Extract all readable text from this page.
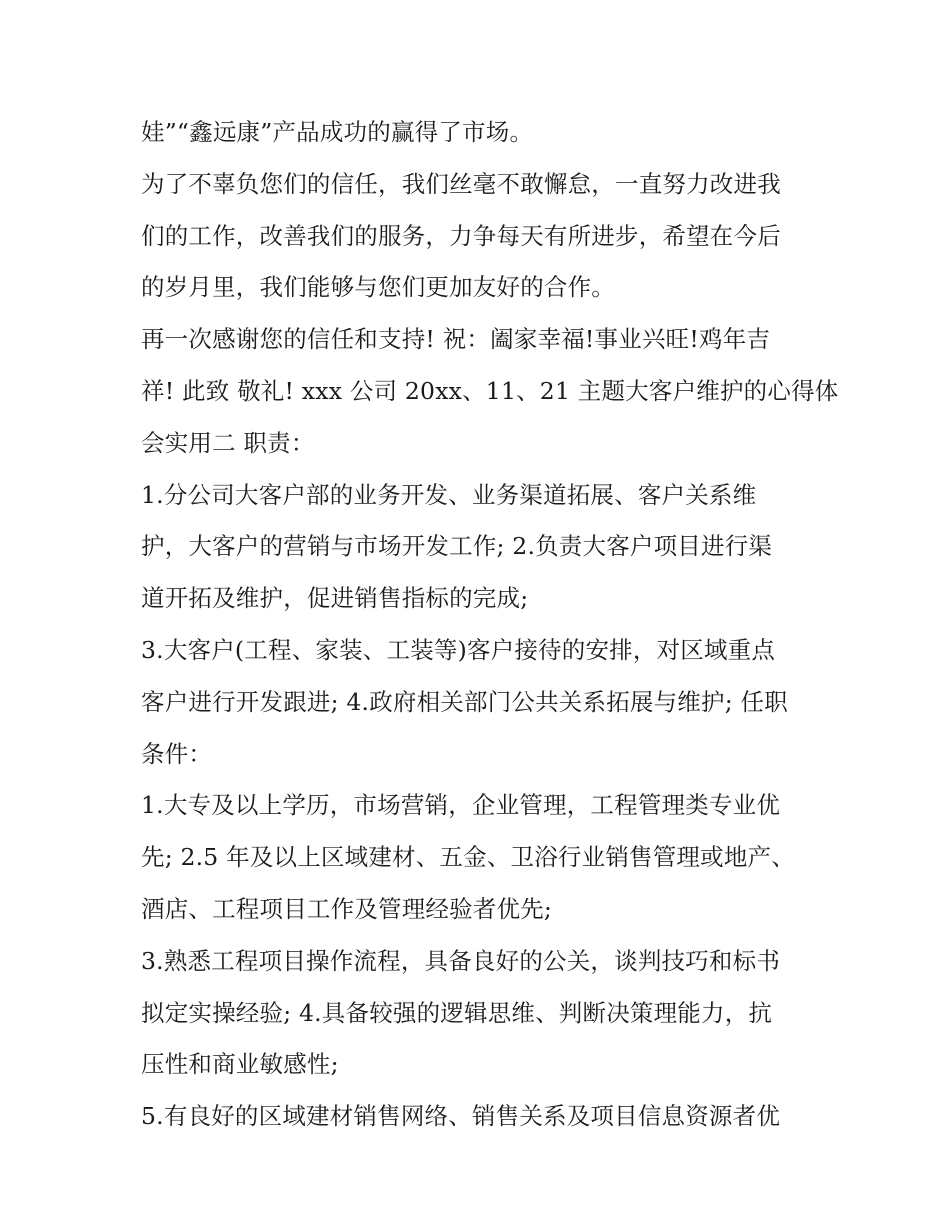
娃”“鑫远康”产品成功的赢得了市场。
为了不辜负您们的信任，我们丝毫不敢懈怠，一直努力改进我
们的工作，改善我们的服务，力争每天有所进步，希望在今后
的岁月里，我们能够与您们更加友好的合作。
再一次感谢您的信任和支持! 祝：阖家幸福!事业兴旺!鸡年吉
祥! 此致 敬礼! xxx 公司 20xx、11、21 主题大客户维护的心得体
会实用二 职责：
1.分公司大客户部的业务开发、业务渠道拓展、客户关系维
护，大客户的营销与市场开发工作; 2.负责大客户项目进行渠
道开拓及维护，促进销售指标的完成;
3.大客户(工程、家装、工装等)客户接待的安排，对区域重点
客户进行开发跟进; 4.政府相关部门公共关系拓展与维护; 任职
条件：
1.大专及以上学历，市场营销，企业管理，工程管理类专业优
先; 2.5 年及以上区域建材、五金、卫浴行业销售管理或地产、
酒店、工程项目工作及管理经验者优先;
3.熟悉工程项目操作流程，具备良好的公关，谈判技巧和标书
拟定实操经验; 4.具备较强的逻辑思维、判断决策理能力，抗
压性和商业敏感性;
5.有良好的区域建材销售网络、销售关系及项目信息资源者优
